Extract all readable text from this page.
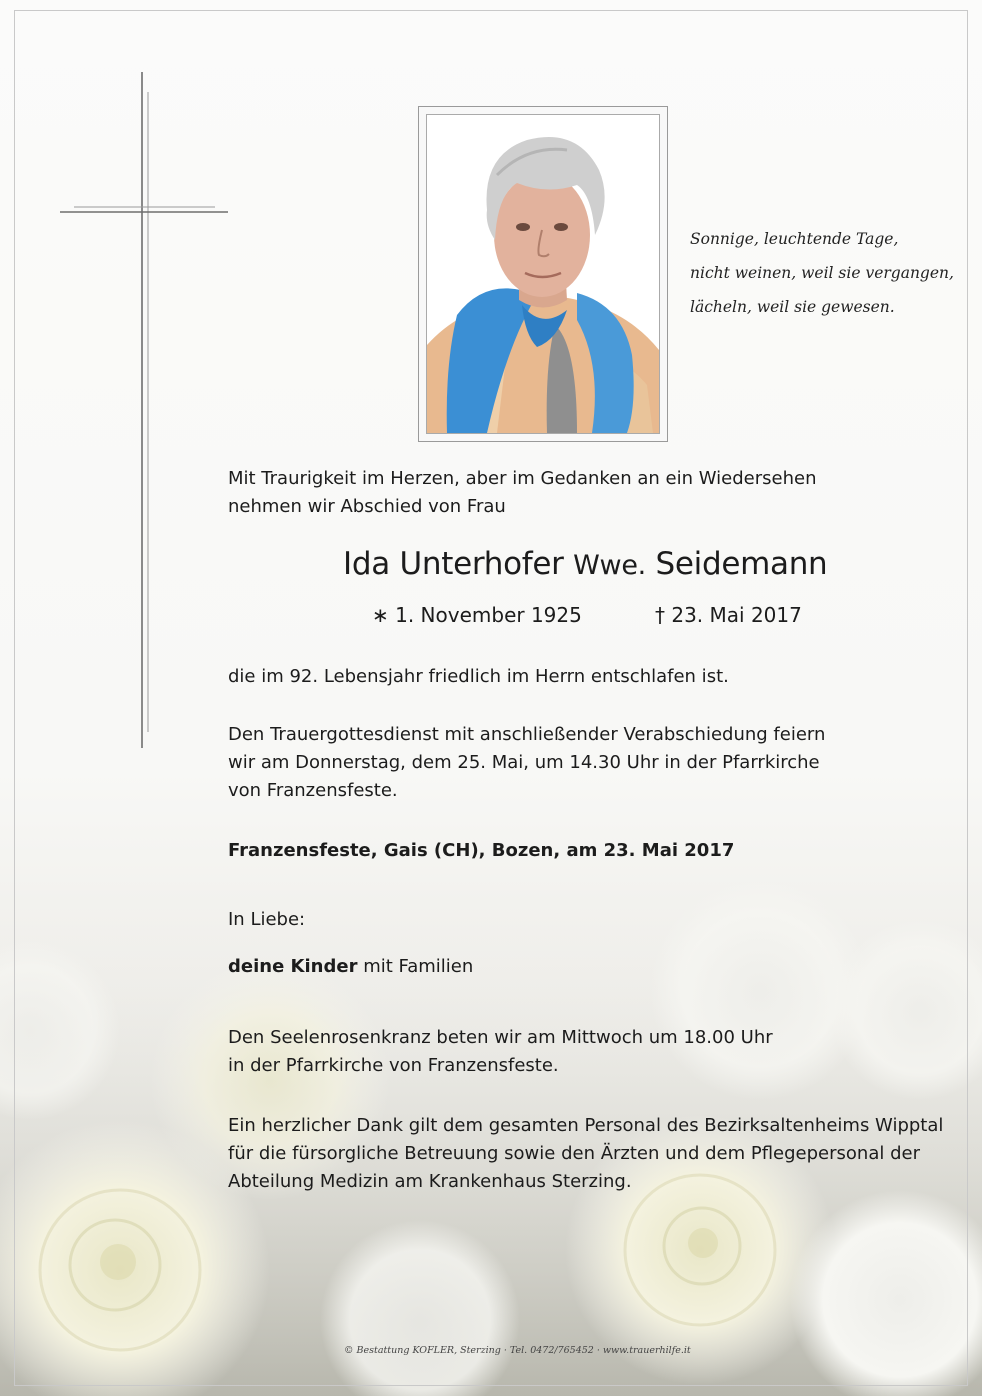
Sonnige, leuchtende Tage,
nicht weinen, weil sie vergangen,
lächeln, weil sie gewesen.
Mit Traurigkeit im Herzen, aber im Gedanken an ein Wiedersehen
nehmen wir Abschied von Frau
Ida Unterhofer Wwe. Seidemann
∗ 1. November 1925	† 23. Mai 2017
die im 92. Lebensjahr friedlich im Herrn entschlafen ist.
Den Trauergottesdienst mit anschließender Verabschiedung feiern
wir am Donnerstag, dem 25. Mai, um 14.30 Uhr in der Pfarrkirche
von Franzensfeste.
Franzensfeste, Gais (CH), Bozen, am 23. Mai 2017
In Liebe:
deine Kinder mit Familien
Den Seelenrosenkranz beten wir am Mittwoch um 18.00 Uhr
in der Pfarrkirche von Franzensfeste.
Ein herzlicher Dank gilt dem gesamten Personal des Bezirksaltenheims Wipptal
für die fürsorgliche Betreuung sowie den Ärzten und dem Pflegepersonal der
Abteilung Medizin am Krankenhaus Sterzing.
© Bestattung KOFLER, Sterzing · Tel. 0472/765452 · www.trauerhilfe.it
